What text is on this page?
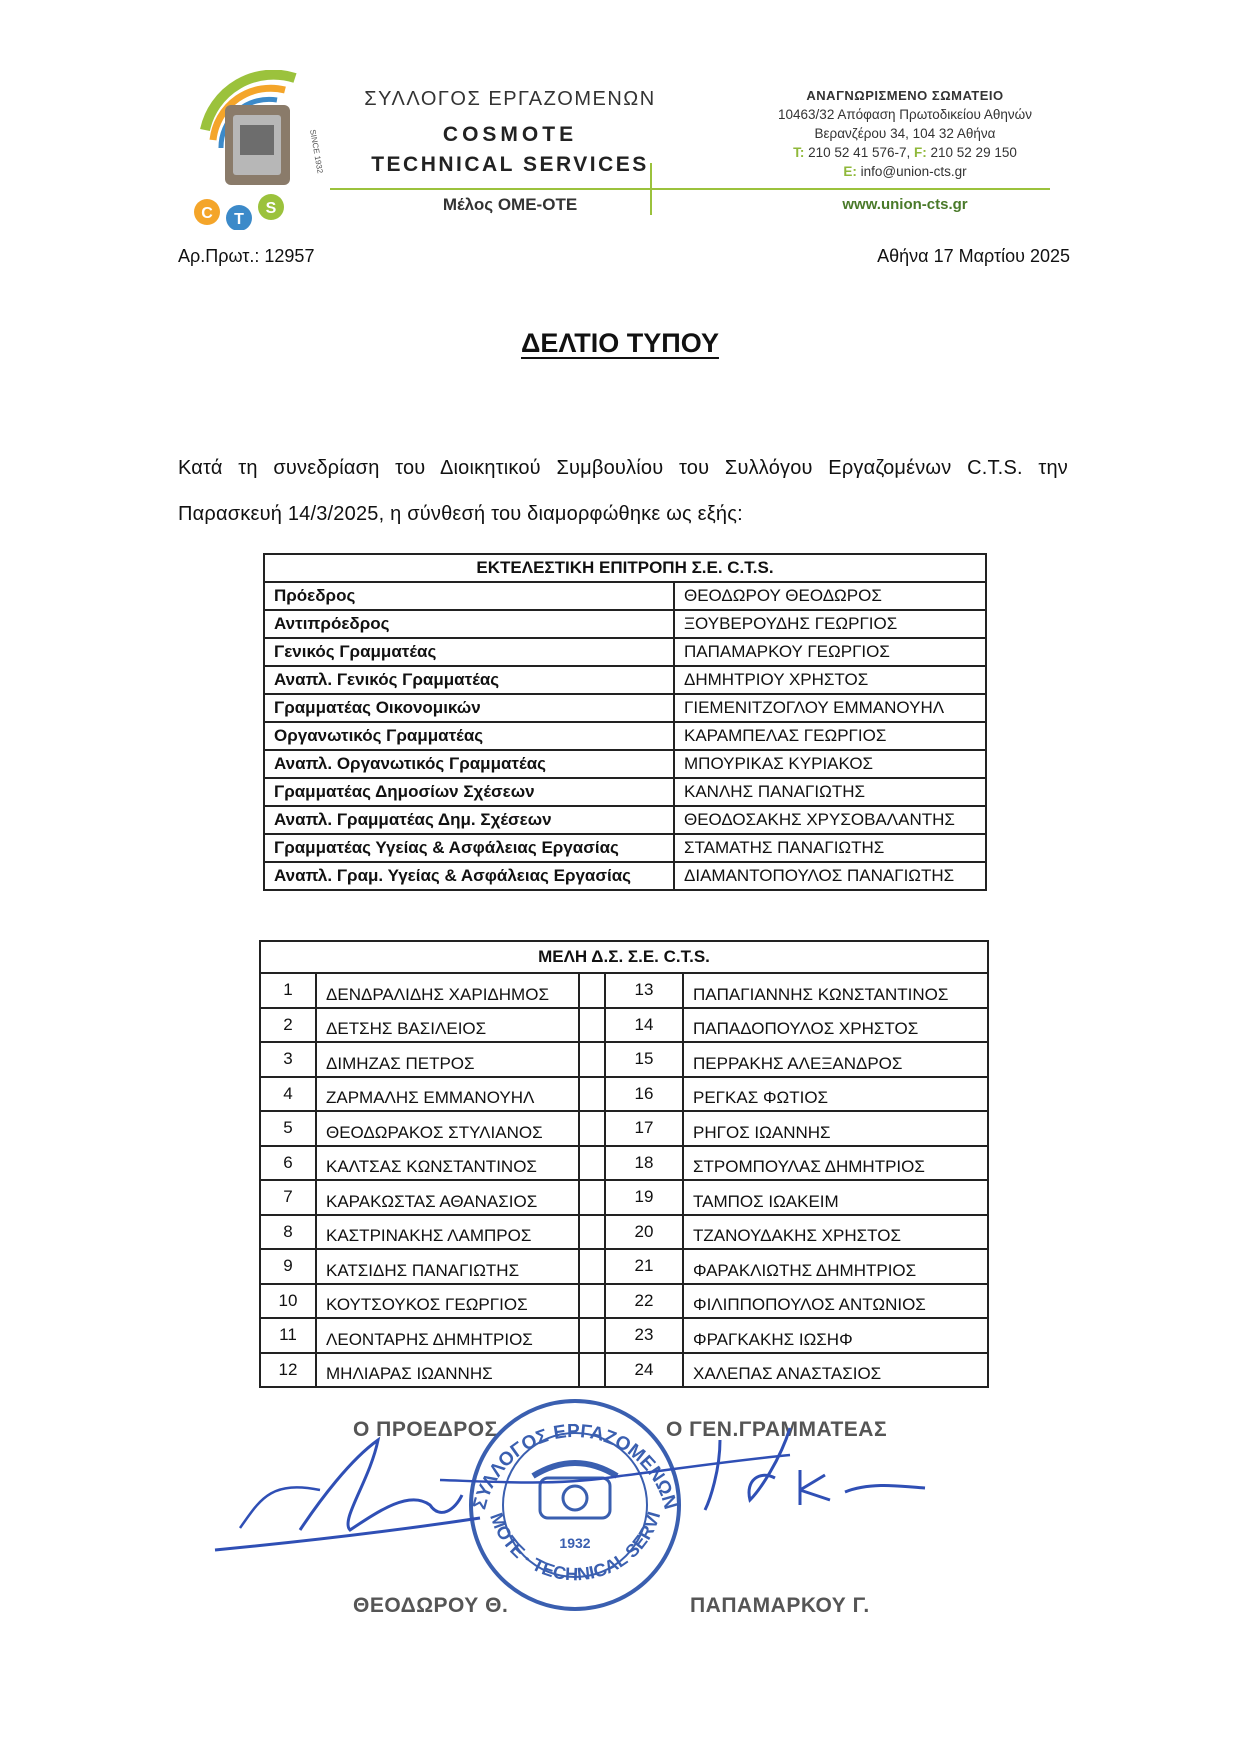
C T
S
SINCE 1932
ΣΥΛΛΟΓΟΣ ΕΡΓΑΖΟΜΕΝΩΝ
COSMOTE
TECHNICAL SERVICES
Μέλος ΟΜΕ-ΟΤΕ
ΑΝΑΓΝΩΡΙΣΜΕΝΟ ΣΩΜΑΤΕΙΟ
10463/32 Απόφαση Πρωτοδικείου Αθηνών
Βερανζέρου 34, 104 32 Αθήνα
T: 210 52 41 576-7, F: 210 52 29 150
E: info@union-cts.gr
www.union-cts.gr
Αρ.Πρωτ.: 12957	Αθήνα 17 Μαρτίου 2025
ΔΕΛΤΙΟ ΤΥΠΟΥ
Κατά τη συνεδρίαση του Διοικητικού Συμβουλίου του Συλλόγου Εργαζομένων C.T.S. την Παρασκευή 14/3/2025, η σύνθεσή του διαμορφώθηκε ως εξής:
ΕΚΤΕΛΕΣΤΙΚΗ ΕΠΙΤΡΟΠΗ Σ.Ε. C.T.S.	
Πρόεδρος	ΘΕΟΔΩΡΟΥ ΘΕΟΔΩΡΟΣ
Αντιπρόεδρος	ΞΟΥΒΕΡΟΥΔΗΣ ΓΕΩΡΓΙΟΣ
Γενικός Γραμματέας	ΠΑΠΑΜΑΡΚΟΥ ΓΕΩΡΓΙΟΣ
Αναπλ. Γενικός Γραμματέας	ΔΗΜΗΤΡΙΟΥ ΧΡΗΣΤΟΣ
Γραμματέας Οικονομικών	ΓΙΕΜΕΝΙΤΖΟΓΛΟΥ ΕΜΜΑΝΟΥΗΛ
Οργανωτικός Γραμματέας	ΚΑΡΑΜΠΕΛΑΣ ΓΕΩΡΓΙΟΣ
Αναπλ. Οργανωτικός Γραμματέας	ΜΠΟΥΡΙΚΑΣ ΚΥΡΙΑΚΟΣ
Γραμματέας Δημοσίων Σχέσεων	ΚΑΝΛΗΣ ΠΑΝΑΓΙΩΤΗΣ
Αναπλ. Γραμματέας Δημ. Σχέσεων	ΘΕΟΔΟΣΑΚΗΣ ΧΡΥΣΟΒΑΛΑΝΤΗΣ
Γραμματέας Υγείας & Ασφάλειας Εργασίας	ΣΤΑΜΑΤΗΣ ΠΑΝΑΓΙΩΤΗΣ
Αναπλ. Γραμ. Υγείας & Ασφάλειας Εργασίας	ΔΙΑΜΑΝΤΟΠΟΥΛΟΣ ΠΑΝΑΓΙΩΤΗΣ
ΜΕΛΗ Δ.Σ. Σ.Ε. C.T.S.				
1	ΔΕΝΔΡΑΛΙΔΗΣ ΧΑΡΙΔΗΜΟΣ		13	ΠΑΠΑΓΙΑΝΝΗΣ ΚΩΝΣΤΑΝΤΙΝΟΣ
2	ΔΕΤΣΗΣ ΒΑΣΙΛΕΙΟΣ		14	ΠΑΠΑΔΟΠΟΥΛΟΣ ΧΡΗΣΤΟΣ
3	ΔΙΜΗΖΑΣ ΠΕΤΡΟΣ		15	ΠΕΡΡΑΚΗΣ ΑΛΕΞΑΝΔΡΟΣ
4	ΖΑΡΜΑΛΗΣ ΕΜΜΑΝΟΥΗΛ		16	ΡΕΓΚΑΣ ΦΩΤΙΟΣ
5	ΘΕΟΔΩΡΑΚΟΣ ΣΤΥΛΙΑΝΟΣ		17	ΡΗΓΟΣ ΙΩΑΝΝΗΣ
6	ΚΑΛΤΣΑΣ ΚΩΝΣΤΑΝΤΙΝΟΣ		18	ΣΤΡΟΜΠΟΥΛΑΣ ΔΗΜΗΤΡΙΟΣ
7	ΚΑΡΑΚΩΣΤΑΣ ΑΘΑΝΑΣΙΟΣ		19	ΤΑΜΠΟΣ ΙΩΑΚΕΙΜ
8	ΚΑΣΤΡΙΝΑΚΗΣ ΛΑΜΠΡΟΣ		20	ΤΖΑΝΟΥΔΑΚΗΣ ΧΡΗΣΤΟΣ
9	ΚΑΤΣΙΔΗΣ ΠΑΝΑΓΙΩΤΗΣ		21	ΦΑΡΑΚΛΙΩΤΗΣ ΔΗΜΗΤΡΙΟΣ
10	ΚΟΥΤΣΟΥΚΟΣ ΓΕΩΡΓΙΟΣ		22	ΦΙΛΙΠΠΟΠΟΥΛΟΣ ΑΝΤΩΝΙΟΣ
11	ΛΕΟΝΤΑΡΗΣ ΔΗΜΗΤΡΙΟΣ		23	ΦΡΑΓΚΑΚΗΣ ΙΩΣΗΦ
12	ΜΗΛΙΑΡΑΣ ΙΩΑΝΝΗΣ		24	ΧΑΛΕΠΑΣ ΑΝΑΣΤΑΣΙΟΣ
Ο ΠΡΟΕΔΡΟΣ	Ο ΓΕΝ.ΓΡΑΜΜΑΤΕΑΣ
ΣΥΛΛΟΓΟΣ ΕΡΓΑΖΟΜΕΝΩΝ
MOTE · TECHNICAL SERVI
1932
ΘΕΟΔΩΡΟΥ Θ.	ΠΑΠΑΜΑΡΚΟΥ Γ.
